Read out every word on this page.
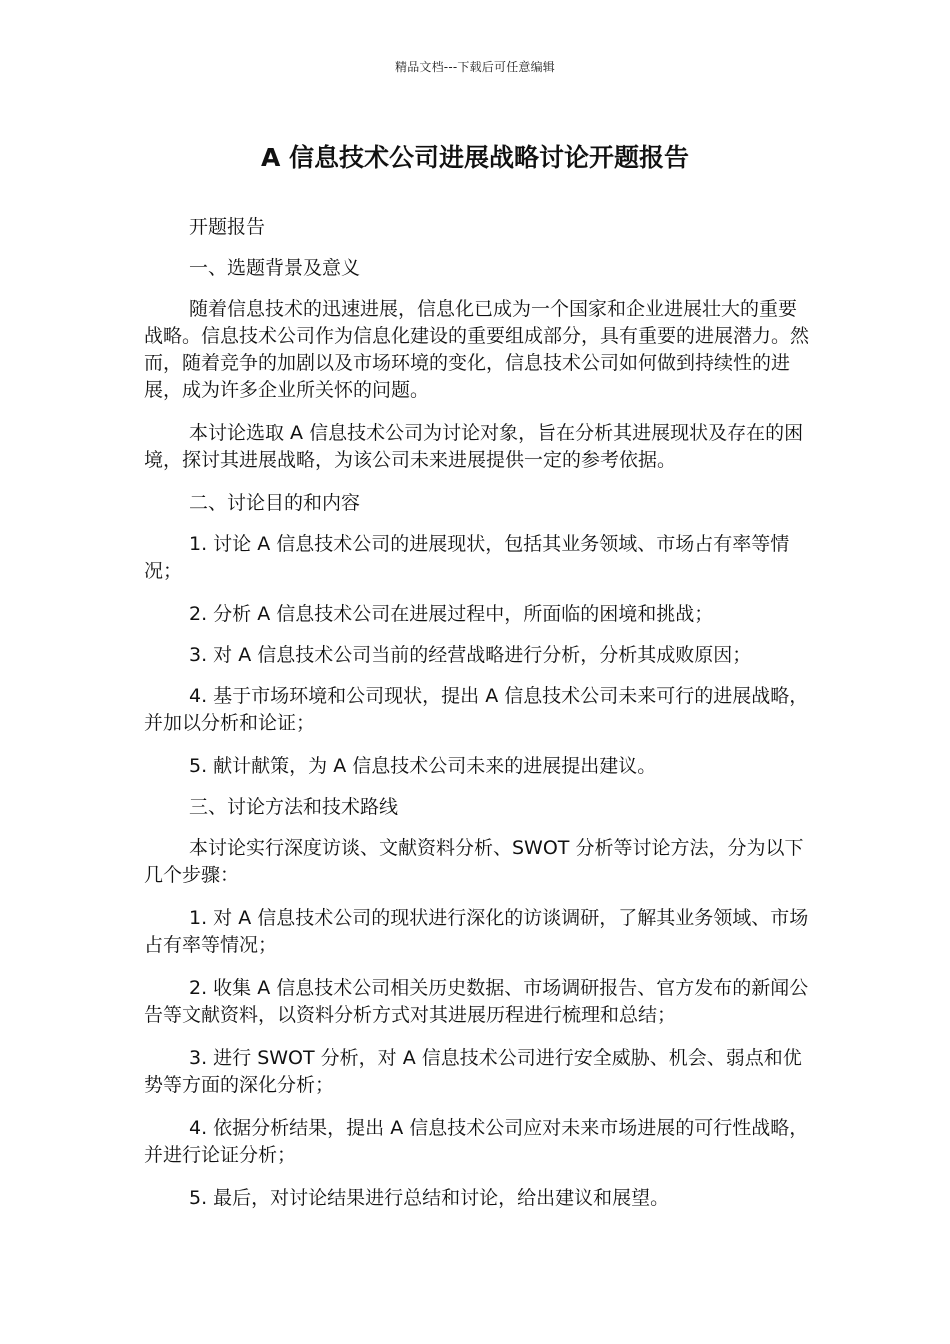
精品文档---下载后可任意编辑
A 信息技术公司进展战略讨论开题报告

开题报告

一、选题背景及意义

随着信息技术的迅速进展，信息化已成为一个国家和企业进展壮大的重要战略。信息技术公司作为信息化建设的重要组成部分，具有重要的进展潜力。然而，随着竞争的加剧以及市场环境的变化，信息技术公司如何做到持续性的进展，成为许多企业所关怀的问题。

本讨论选取 A 信息技术公司为讨论对象，旨在分析其进展现状及存在的困境，探讨其进展战略，为该公司未来进展提供一定的参考依据。

二、讨论目的和内容

1. 讨论 A 信息技术公司的进展现状，包括其业务领域、市场占有率等情况；

2. 分析 A 信息技术公司在进展过程中，所面临的困境和挑战；

3. 对 A 信息技术公司当前的经营战略进行分析，分析其成败原因；

4. 基于市场环境和公司现状，提出 A 信息技术公司未来可行的进展战略，并加以分析和论证；

5. 献计献策，为 A 信息技术公司未来的进展提出建议。

三、讨论方法和技术路线

本讨论实行深度访谈、文献资料分析、SWOT 分析等讨论方法，分为以下几个步骤：

1. 对 A 信息技术公司的现状进行深化的访谈调研，了解其业务领域、市场占有率等情况；

2. 收集 A 信息技术公司相关历史数据、市场调研报告、官方发布的新闻公告等文献资料，以资料分析方式对其进展历程进行梳理和总结；

3. 进行 SWOT 分析，对 A 信息技术公司进行安全威胁、机会、弱点和优势等方面的深化分析；

4. 依据分析结果，提出 A 信息技术公司应对未来市场进展的可行性战略，并进行论证分析；

5. 最后，对讨论结果进行总结和讨论，给出建议和展望。
